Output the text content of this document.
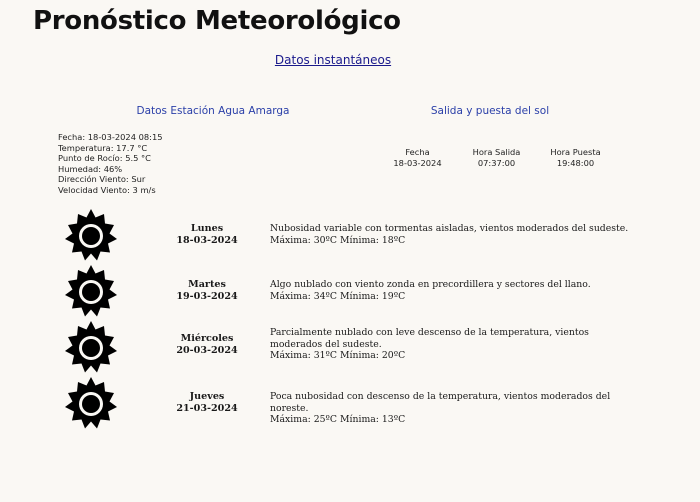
Pronóstico Meteorológico
Datos instantáneos
Datos Estación Agua Amarga	Salida y puesta del sol
Fecha: 18-03-2024 08:15
Temperatura: 17.7 °C
Punto de Rocío: 5.5 °C
Humedad: 46%
Dirección Viento: Sur
Velocidad Viento: 3 m/s
Fecha
18-03-2024
Hora Salida
07:37:00
Hora Puesta
19:48:00
Lunes
18-03-2024
Nubosidad variable con tormentas aisladas, vientos moderados del sudeste.
Máxima: 30ºC Mínima: 18ºC
Martes
19-03-2024
Algo nublado con viento zonda en precordillera y sectores del llano.
Máxima: 34ºC Mínima: 19ºC
Miércoles
20-03-2024
Parcialmente nublado con leve descenso de la temperatura, vientos moderados del sudeste.
Máxima: 31ºC Mínima: 20ºC
Jueves
21-03-2024
Poca nubosidad con descenso de la temperatura, vientos moderados del noreste.
Máxima: 25ºC Mínima: 13ºC
